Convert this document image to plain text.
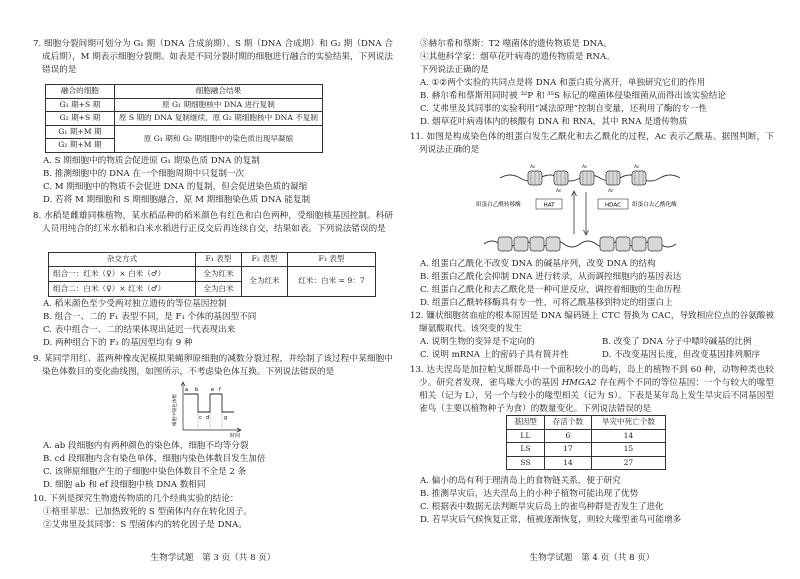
7. 细胞分裂间期可划分为 G₁ 期（DNA 合成前期）、S 期（DNA 合成期）和 G₂ 期（DNA 合成后期），M 期表示细胞分裂期。如表是不同分裂时期的细胞进行融合的实验结果，下列说法错误的是

融合的细胞	细胞融合结果
G₁ 期+S 期	原 G₁ 期细胞核中 DNA 进行复制
G₂ 期+S 期	原 S 期的 DNA 复制继续，原 G₂ 期细胞核中 DNA 不复制
G₁ 期+M 期	原 G₁ 期和 G₂ 期细胞中的染色质出现早凝缩
G₂ 期+M 期	

A. S 期细胞中的物质会促进原 G₁ 期染色质 DNA 的复制

B. 推测细胞中的 DNA 在一个细胞周期中只复制一次

C. M 期细胞中的物质不会促进 DNA 的复制，但会促进染色质的凝缩

D. 若将 M 期细胞和 S 期细胞融合，原 M 期细胞染色质 DNA 能复制

8. 水稻是雌雄同株植物，某水稻品种的稻米颜色有红色和白色两种，受细胞核基因控制。科研人员用纯合的红米水稻和白米水稻进行正反交后再连续自交，结果如表。下列说法错误的是

杂交方式	F₁ 表型	F₂ 表型	F₃ 表型
组合一：红米（♀）× 白米（♂）	全为红米	全为红米	红米：白米 = 9：7
组合二：白米（♀）× 红米（♂）	全为白米		

A. 稻米颜色至少受两对独立遗传的等位基因控制

B. 组合一、二的 F₁ 表型不同，是 F₁ 个体的基因型不同

C. 表中组合一、二的结果体现出延迟一代表现出来

D. 两种组合下的 F₃ 的基因型均有 9 种

9. 某同学用红、蓝两种橡皮泥模拟果蝇卵原细胞的减数分裂过程，并绘制了该过程中某细胞中染色体数目的变化曲线图，如图所示，不考虑染色体互换。下列说法错误的是

细胞中染色体数
时间
a b
c d
e f
g

A. ab 段细胞内有两种颜色的染色体，细胞不均等分裂

B. cd 段细胞内含有染色单体，细胞内染色体数目发生加倍

C. 该卵原细胞产生的子细胞中染色体数目不全是 2 条

D. 细胞 ab 和 ef 段细胞中核 DNA 数相同

10. 下列是探究生物遗传物质的几个经典实验的结论：

①格里菲思：已加热致死的 S 型菌体内存在转化因子。

②艾弗里及其同事：S 型菌体内的转化因子是 DNA。

生物学试题　第 3 页（共 8 页）

③赫尔希和蔡斯：T2 噬菌体的遗传物质是 DNA。

④其他科学家：烟草花叶病毒的遗传物质是 RNA。

下列说法正确的是

A. ①②两个实验的共同点是将 DNA 和蛋白质分离开，单独研究它们的作用

B. 赫尔希和蔡斯用同时被 ³²P 和 ³⁵S 标记的噬菌体侵染细菌从而得出该实验结论

C. 艾弗里及其同事的实验利用“减法原理”控制自变量，还利用了酶的专一性

D. 烟草花叶病毒体内的核酸有 DNA 和 RNA，其中 RNA 是遗传物质

11. 如图是构成染色体的组蛋白发生乙酰化和去乙酰化的过程，Ac 表示乙酰基。据图判断，下列说法正确的是

Ac
Ac
Ac
Ac
Ac
组蛋白乙酰转移酶	HAT	HDAC 组蛋白去乙酰化酶

A. 组蛋白乙酰化不改变 DNA 的碱基序列，改变 DNA 的结构

B. 组蛋白乙酰化会抑制 DNA 进行转录，从而调控细胞内的基因表达

C. 组蛋白乙酰化和去乙酰化是一种可逆反应，调控着细胞的生命历程

D. 组蛋白乙酰转移酶具有专一性，可将乙酰基移到特定的组蛋白上

12. 镰状细胞贫血症的根本原因是 DNA 编码链上 CTC 替换为 CAC，导致相应位点的谷氨酸被缬氨酸取代。该突变的发生

A. 说明生物的变异是不定向的	B. 改变了 DNA 分子中嘌呤碱基的比例

C. 说明 mRNA 上的密码子具有简并性	D. 不改变基因长度，但改变基因排列顺序

13. 达夫涅岛是加拉帕戈斯群岛中一个面积较小的岛屿，岛上的植物不到 60 种，动物种类也较少。研究者发现，雀鸟喙大小的基因 HMGA2 存在两个不同的等位基因：一个与较大的喙型相关（记为 L），另一个与较小的喙型相关（记为 S）。下表是某年岛上发生旱灾后不同基因型雀鸟（主要以植物种子为食）的数量变化。下列说法错误的是

基因型	存活个数	旱灾中死亡个数
LL	6	14
LS	17	15
SS	14	27

A. 偏小的岛有利于理清岛上的食物链关系，便于研究

B. 推测旱灾后，达夫涅岛上的小种子植物可能出现了优势

C. 根据表中数据无法判断旱灾后岛上的雀鸟种群是否发生了进化

D. 若旱灾后气候恢复正常，植被逐渐恢复，则较大喙型雀鸟可能增多

生物学试题　第 4 页（共 8 页）
